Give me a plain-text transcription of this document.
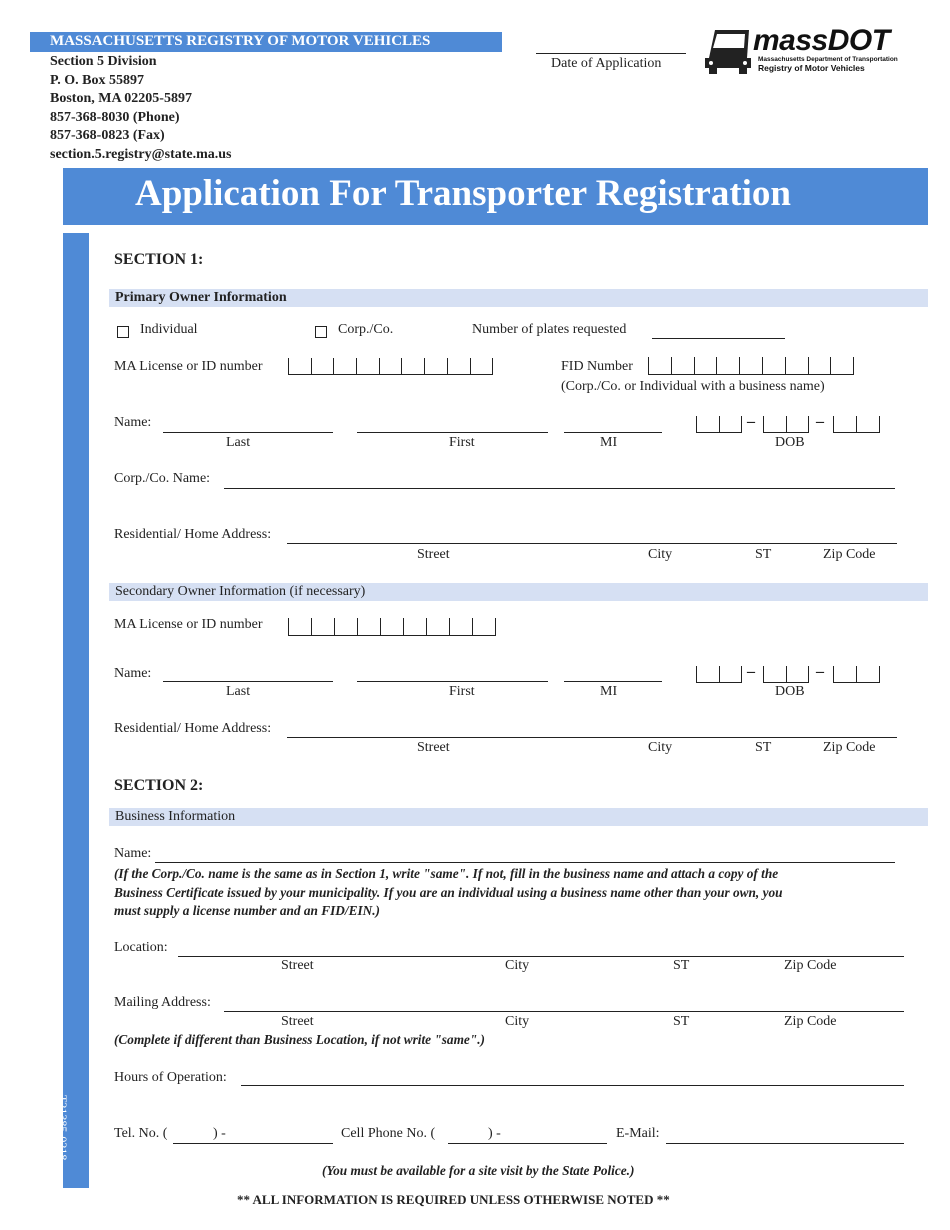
MASSACHUSETTS REGISTRY OF MOTOR VEHICLES
Section 5 Division
P. O. Box 55897
Boston, MA 02205-5897
857-368-8030 (Phone)
857-368-0823 (Fax)
section.5.registry@state.ma.us
Date of Application
massDOT
Massachusetts Department of Transportation
Registry of Motor Vehicles
Application For Transporter Registration
T21385-0218
SECTION 1:
Primary Owner Information
Individual	Corp./Co.	Number of plates requested
MA License or ID number	FID Number
(Corp./Co. or Individual with a business name)
Name:	–	–
Last	First	MI	DOB
Corp./Co. Name:
Residential/ Home Address:
Street	City	ST	Zip Code
Secondary Owner Information (if necessary)
MA License or ID number
Name:	–	–
Last	First	MI	DOB
Residential/ Home Address:
Street	City	ST	Zip Code
SECTION 2:
Business Information
Name:
(If the Corp./Co. name is the same as in Section 1, write "same". If not, fill in the business name and attach a copy of the
Business Certificate issued by your municipality. If you are an individual using a business name other than your own, you
must supply a license number and an FID/EIN.)
Location:
Street	City	ST	Zip Code
Mailing Address:
Street	City	ST	Zip Code
(Complete if different than Business Location, if not write "same".)
Hours of Operation:
Tel. No. (	) -	Cell Phone No. (	) -	E-Mail:
(You must be available for a site visit by the State Police.)
** ALL INFORMATION IS REQUIRED UNLESS OTHERWISE NOTED **
